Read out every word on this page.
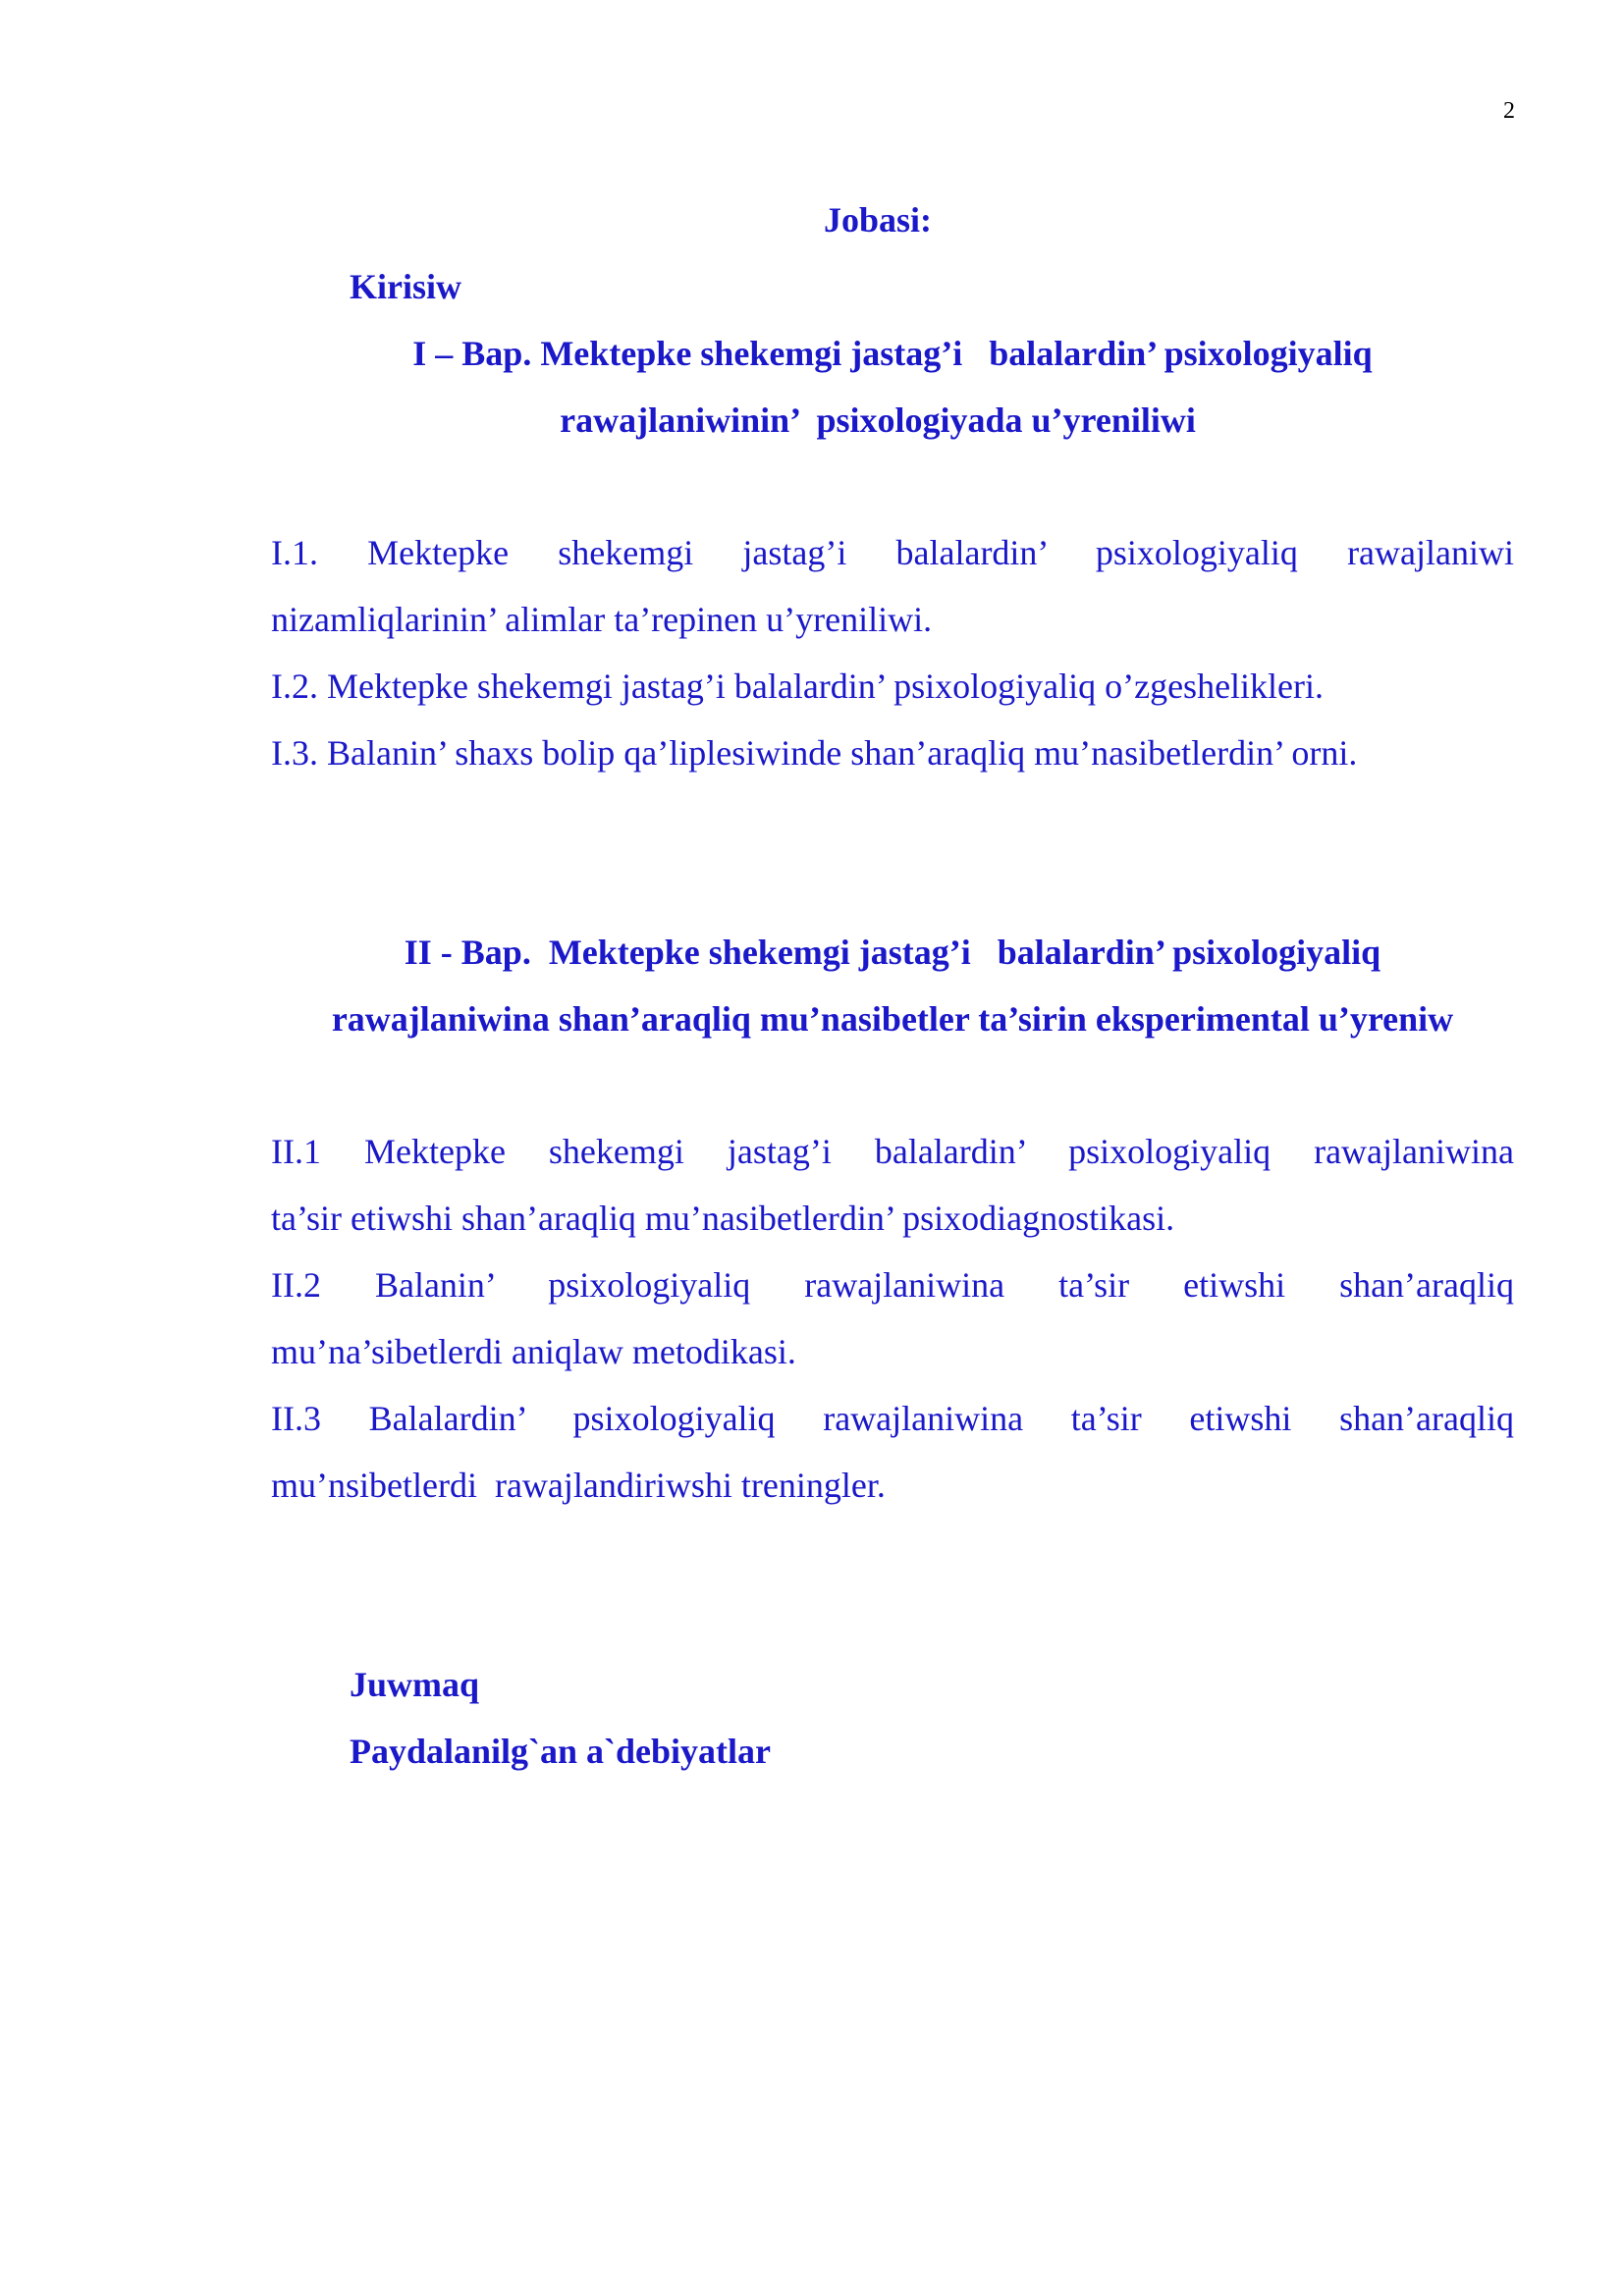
2
Jobasi:
Kirisiw
I – Bap. Mektepke shekemgi jastag’i   balalardin’ psixologiyaliq
rawajlaniwinin’  psixologiyada u’yreniliwi
I.1. Mektepke shekemgi jastag’i balalardin’ psixologiyaliq rawajlaniwi
nizamliqlarinin’ alimlar ta’repinen u’yreniliwi.
I.2. Mektepke shekemgi jastag’i balalardin’ psixologiyaliq o’zgeshelikleri.
I.3. Balanin’ shaxs bolip qa’liplesiwinde shan’araqliq mu’nasibetlerdin’ orni.
II - Bap.  Mektepke shekemgi jastag’i   balalardin’ psixologiyaliq
rawajlaniwina shan’araqliq mu’nasibetler ta’sirin eksperimental u’yreniw
II.1 Mektepke shekemgi jastag’i balalardin’ psixologiyaliq rawajlaniwina
ta’sir etiwshi shan’araqliq mu’nasibetlerdin’ psixodiagnostikasi.
II.2 Balanin’ psixologiyaliq rawajlaniwina ta’sir etiwshi shan’araqliq
mu’na’sibetlerdi aniqlaw metodikasi.
II.3 Balalardin’ psixologiyaliq rawajlaniwina ta’sir etiwshi shan’araqliq
mu’nsibetlerdi  rawajlandiriwshi treningler.
Juwmaq
Paydalanilg`an a`debiyatlar
